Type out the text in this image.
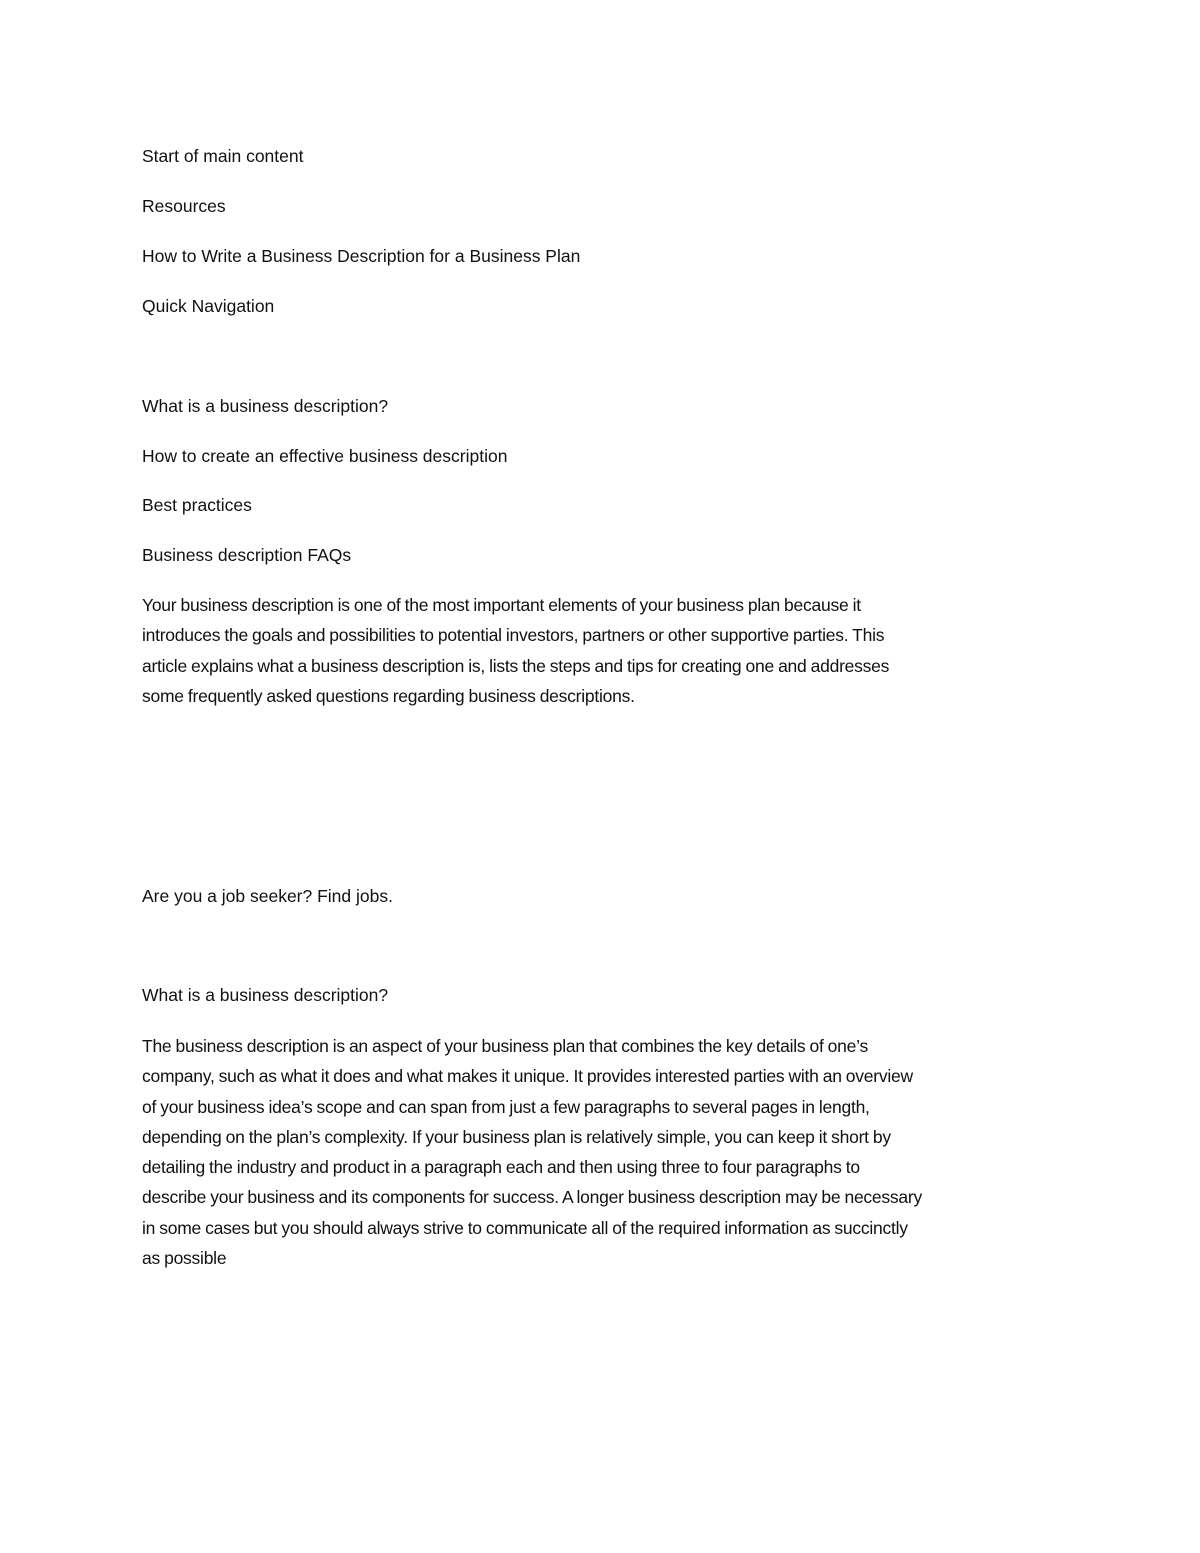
Start of main content
Resources
How to Write a Business Description for a Business Plan
Quick Navigation
What is a business description?
How to create an effective business description
Best practices
Business description FAQs
Your business description is one of the most important elements of your business plan because it
introduces the goals and possibilities to potential investors, partners or other supportive parties. This
article explains what a business description is, lists the steps and tips for creating one and addresses
some frequently asked questions regarding business descriptions.
Are you a job seeker? Find jobs.
What is a business description?
The business description is an aspect of your business plan that combines the key details of one’s
company, such as what it does and what makes it unique. It provides interested parties with an overview
of your business idea’s scope and can span from just a few paragraphs to several pages in length,
depending on the plan’s complexity. If your business plan is relatively simple, you can keep it short by
detailing the industry and product in a paragraph each and then using three to four paragraphs to
describe your business and its components for success. A longer business description may be necessary
in some cases but you should always strive to communicate all of the required information as succinctly
as possible
